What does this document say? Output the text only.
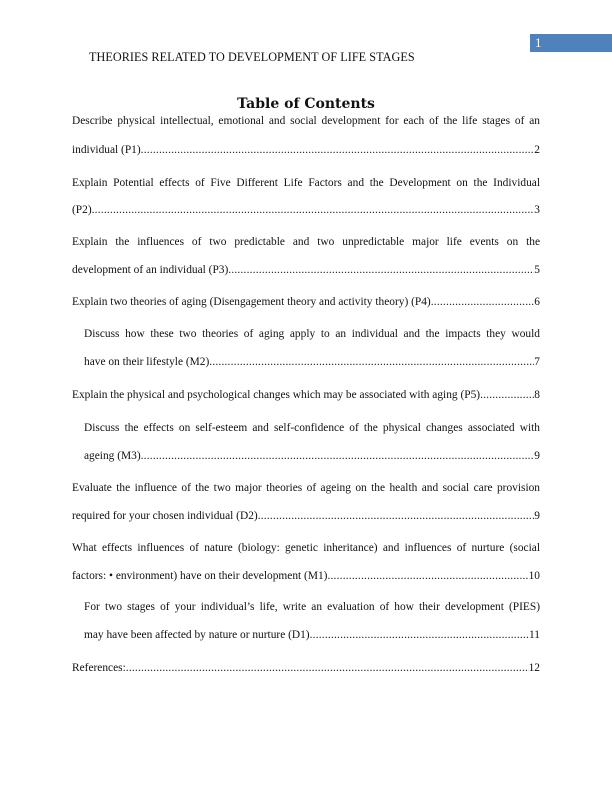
1
THEORIES RELATED TO DEVELOPMENT OF LIFE STAGES
Table of Contents
Describe physical intellectual, emotional and social development for each of the life stages of an
individual (P1) .....	2
Explain Potential effects of Five Different Life Factors and the Development on the Individual
(P2) .....	3
Explain the influences of two predictable and two unpredictable major life events on the
development of an individual (P3) .....	5
Explain two theories of aging (Disengagement theory and activity theory) (P4) .....	6
Discuss how these two theories of aging apply to an individual and the impacts they would
have on their lifestyle (M2) .....	7
Explain the physical and psychological changes which may be associated with aging (P5) .....	8
Discuss the effects on self-esteem and self-confidence of the physical changes associated with
ageing (M3) .....	9
Evaluate the influence of the two major theories of ageing on the health and social care provision
required for your chosen individual (D2) .....	9
What effects influences of nature (biology: genetic inheritance) and influences of nurture (social
factors: • environment) have on their development (M1) .....	10
For two stages of your individual’s life, write an evaluation of how their development (PIES)
may have been affected by nature or nurture (D1) .....	11
References: .....	12
